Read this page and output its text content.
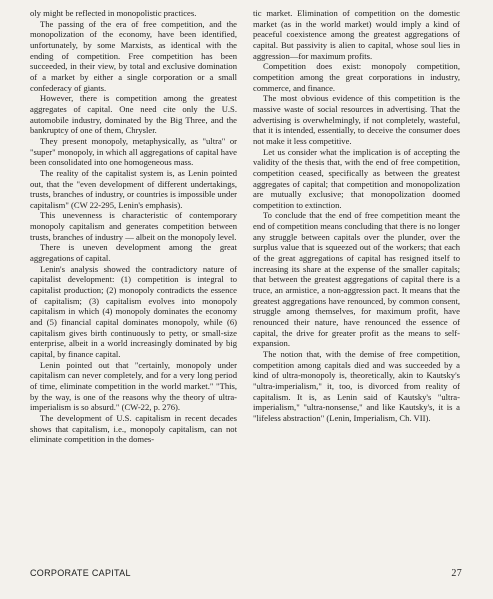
oly might be reflected in monopolistic practices.

The passing of the era of free competition, and the monopolization of the economy, have been identified, unfortunately, by some Marxists, as identical with the ending of competition. Free competition has been succeeded, in their view, by total and exclusive domination of a market by either a single corporation or a small confederacy of giants.

However, there is competition among the greatest aggregates of capital. One need cite only the U.S. automobile industry, dominated by the Big Three, and the bankruptcy of one of them, Chrysler.

They present monopoly, metaphysically, as "ultra" or "super" monopoly, in which all aggregations of capital have been consolidated into one homogeneous mass.

The reality of the capitalist system is, as Lenin pointed out, that the "even development of different undertakings, trusts, branches of industry, or countries is impossible under capitalism" (CW 22-295, Lenin's emphasis).

This unevenness is characteristic of contemporary monopoly capitalism and generates competition between trusts, branches of industry — albeit on the monopoly level.

There is uneven development among the great aggregations of capital.

Lenin's analysis showed the contradictory nature of capitalist development: (1) competition is integral to capitalist production; (2) monopoly contradicts the essence of capitalism; (3) capitalism evolves into monopoly capitalism in which (4) monopoly dominates the economy and (5) financial capital dominates monopoly, while (6) capitalism gives birth continuously to petty, or small-size enterprise, albeit in a world increasingly dominated by big capital, by finance capital.

Lenin pointed out that "certainly, monopoly under capitalism can never completely, and for a very long period of time, eliminate competition in the world market." "This, by the way, is one of the reasons why the theory of ultra-imperialism is so absurd." (CW-22, p. 276).

The development of U.S. capitalism in recent decades shows that capitalism, i.e., monopoly capitalism, can not eliminate competition in the domes-

tic market. Elimination of competition on the domestic market (as in the world market) would imply a kind of peaceful coexistence among the greatest aggregations of capital. But passivity is alien to capital, whose soul lies in aggression—for maximum profits.

Competition does exist: monopoly competition, competition among the great corporations in industry, commerce, and finance.

The most obvious evidence of this competition is the massive waste of social resources in advertising. That the advertising is overwhelmingly, if not completely, wasteful, that it is intended, essentially, to deceive the consumer does not make it less competitive.

Let us consider what the implication is of accepting the validity of the thesis that, with the end of free competition, competition ceased, specifically as between the greatest aggregates of capital; that competition and monopolization are mutually exclusive; that monopolization doomed competition to extinction.

To conclude that the end of free competition meant the end of competition means concluding that there is no longer any struggle between capitals over the plunder, over the surplus value that is squeezed out of the workers; that each of the great aggregations of capital has resigned itself to increasing its share at the expense of the smaller capitals; that between the greatest aggregations of capital there is a truce, an armistice, a non-aggression pact. It means that the greatest aggregations have renounced, by common consent, struggle among themselves, for maximum profit, have renounced their nature, have renounced the essence of capital, the drive for greater profit as the means to self-expansion.

The notion that, with the demise of free competition, competition among capitals died and was succeeded by a kind of ultra-monopoly is, theoretically, akin to Kautsky's "ultra-imperialism," it, too, is divorced from reality of capitalism. It is, as Lenin said of Kautsky's "ultra-imperialism," "ultra-nonsense," and like Kautsky's, it is a "lifeless abstraction" (Lenin, Imperialism, Ch. VII).

CORPORATE CAPITAL	27
